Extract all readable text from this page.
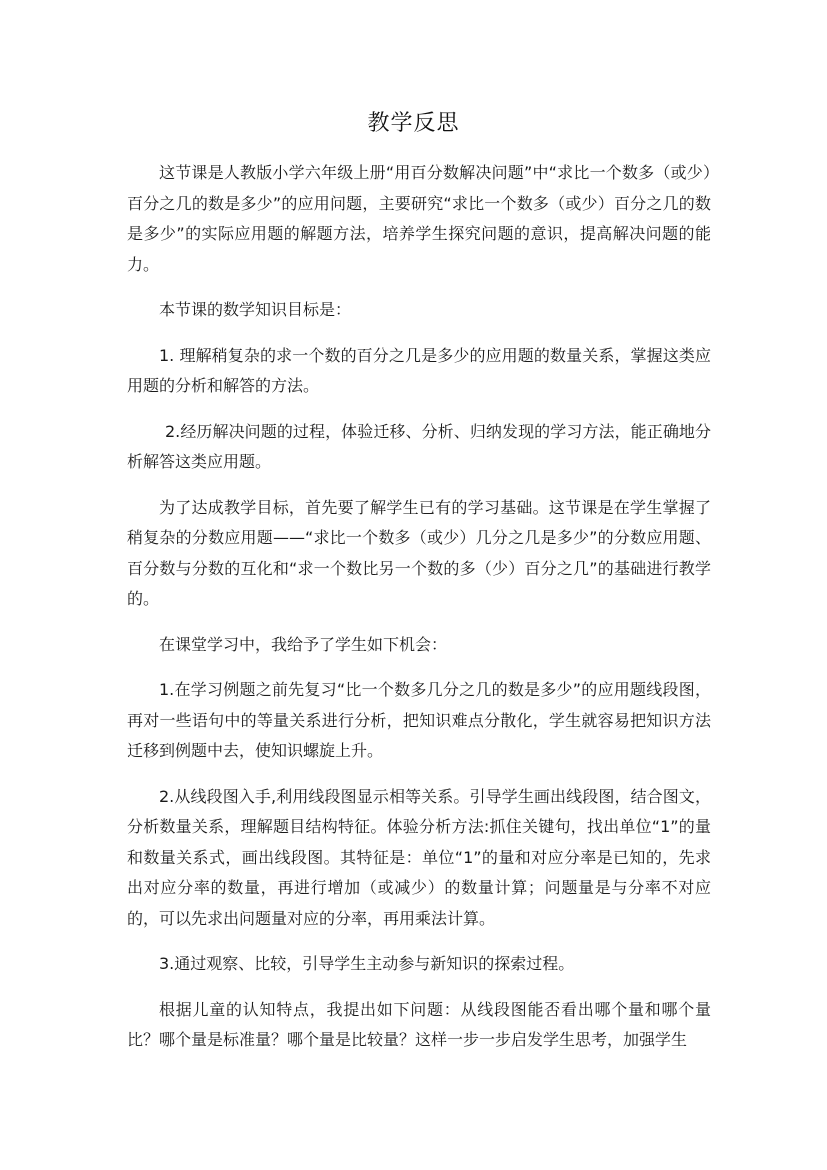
教学反思

这节课是人教版小学六年级上册“用百分数解决问题”中“求比一个数多（或少）百分之几的数是多少”的应用问题，主要研究“求比一个数多（或少）百分之几的数是多少”的实际应用题的解题方法，培养学生探究问题的意识，提高解决问题的能力。

本节课的数学知识目标是：

1. 理解稍复杂的求一个数的百分之几是多少的应用题的数量关系，掌握这类应用题的分析和解答的方法。

2.经历解决问题的过程，体验迁移、分析、归纳发现的学习方法，能正确地分析解答这类应用题。

为了达成教学目标，首先要了解学生已有的学习基础。这节课是在学生掌握了稍复杂的分数应用题——“求比一个数多（或少）几分之几是多少”的分数应用题、百分数与分数的互化和“求一个数比另一个数的多（少）百分之几”的基础进行教学的。

在课堂学习中，我给予了学生如下机会：

1.在学习例题之前先复习“比一个数多几分之几的数是多少”的应用题线段图，再对一些语句中的等量关系进行分析，把知识难点分散化，学生就容易把知识方法迁移到例题中去，使知识螺旋上升。

2.从线段图入手,利用线段图显示相等关系。引导学生画出线段图，结合图文，分析数量关系，理解题目结构特征。体验分析方法:抓住关键句，找出单位“1”的量和数量关系式，画出线段图。其特征是：单位“1”的量和对应分率是已知的，先求出对应分率的数量，再进行增加（或减少）的数量计算；问题量是与分率不对应的，可以先求出问题量对应的分率，再用乘法计算。

3.通过观察、比较，引导学生主动参与新知识的探索过程。

根据儿童的认知特点，我提出如下问题：从线段图能否看出哪个量和哪个量比？哪个量是标准量？哪个量是比较量？这样一步一步启发学生思考，加强学生
